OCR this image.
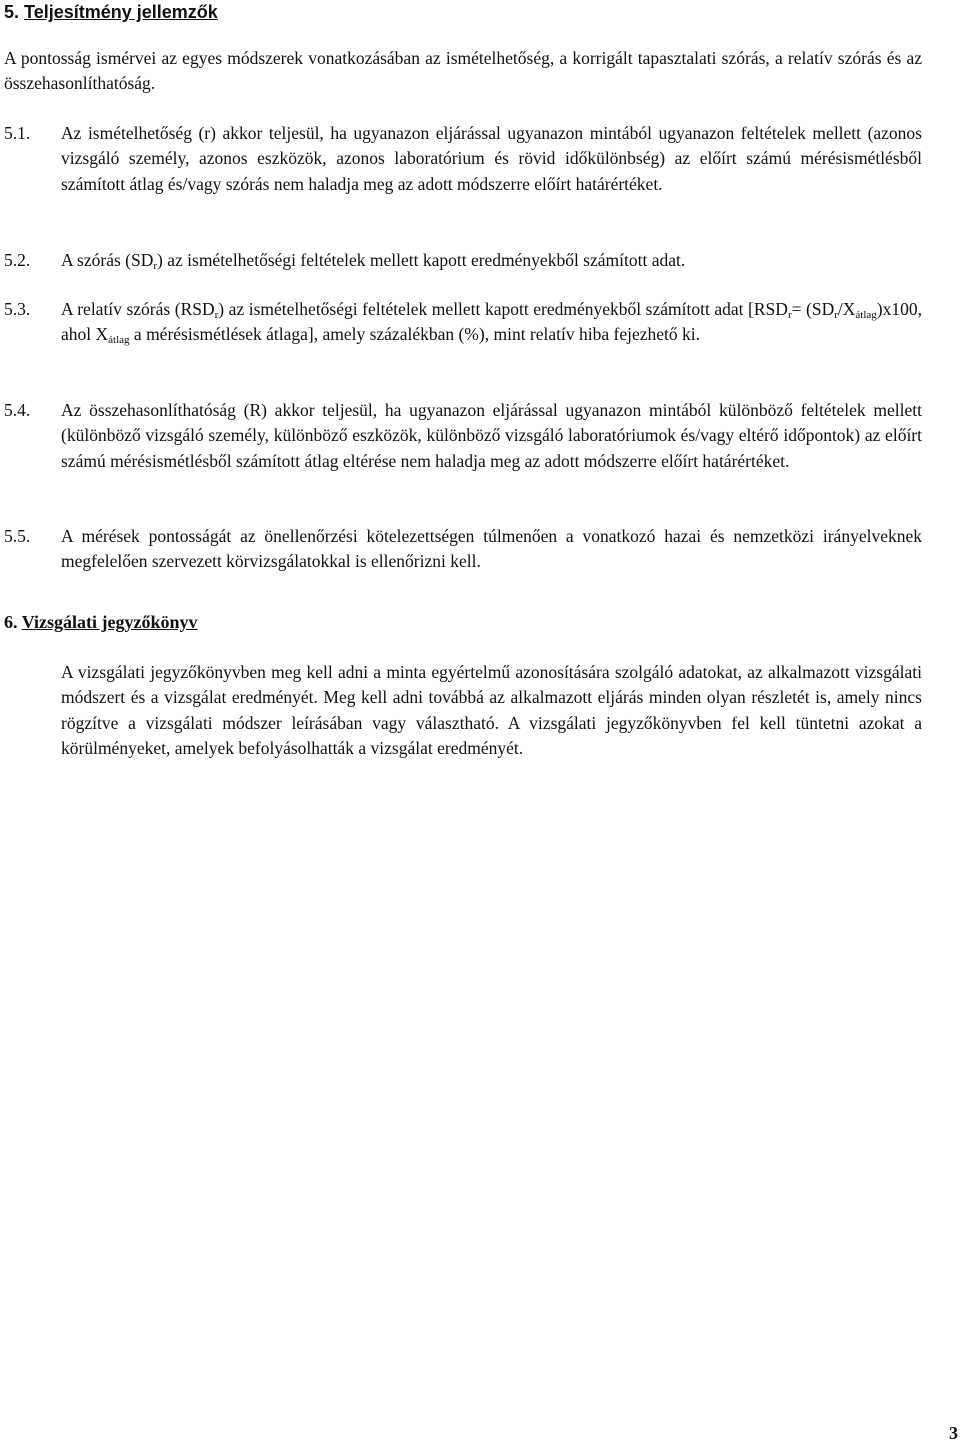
5. Teljesítmény jellemzők

A pontosság ismérvei az egyes módszerek vonatkozásában az ismételhetőség, a korrigált tapasztalati szórás, a relatív szórás és az összehasonlíthatóság.

5.1. Az ismételhetőség (r) akkor teljesül, ha ugyanazon eljárással ugyanazon mintából ugyanazon feltételek mellett (azonos vizsgáló személy, azonos eszközök, azonos laboratórium és rövid időkülönbség) az előírt számú mérésismétlésből számított átlag és/vagy szórás nem haladja meg az adott módszerre előírt határértéket.

5.2. A szórás $(SD_r)$ az ismételhetőségi feltételek mellett kapott eredményekből számított adat.

5.3. A relatív szórás $(RSD_r)$ az ismételhetőségi feltételek mellett kapott eredményekből számított adat [$RSD_r= (SD_r/X_{átlag})x100$, ahol $X_{átlag}$ a mérésismétlések átlaga], amely százalékban (%), mint relatív hiba fejezhető ki.

5.4. Az összehasonlíthatóság (R) akkor teljesül, ha ugyanazon eljárással ugyanazon mintából különböző feltételek mellett (különböző vizsgáló személy, különböző eszközök, különböző vizsgáló laboratóriumok és/vagy eltérő időpontok) az előírt számú mérésismétlésből számított átlag eltérése nem haladja meg az adott módszerre előírt határértéket.

5.5. A mérések pontosságát az önellenőrzési kötelezettségen túlmenően a vonatkozó hazai és nemzetközi irányelveknek megfelelően szervezett körvizsgálatokkal is ellenőrizni kell.

6. Vizsgálati jegyzőkönyv

A vizsgálati jegyzőkönyvben meg kell adni a minta egyértelmű azonosítására szolgáló adatokat, az alkalmazott vizsgálati módszert és a vizsgálat eredményét. Meg kell adni továbbá az alkalmazott eljárás minden olyan részletét is, amely nincs rögzítve a vizsgálati módszer leírásában vagy választható. A vizsgálati jegyzőkönyvben fel kell tüntetni azokat a körülményeket, amelyek befolyásolhatták a vizsgálat eredményét.

3
